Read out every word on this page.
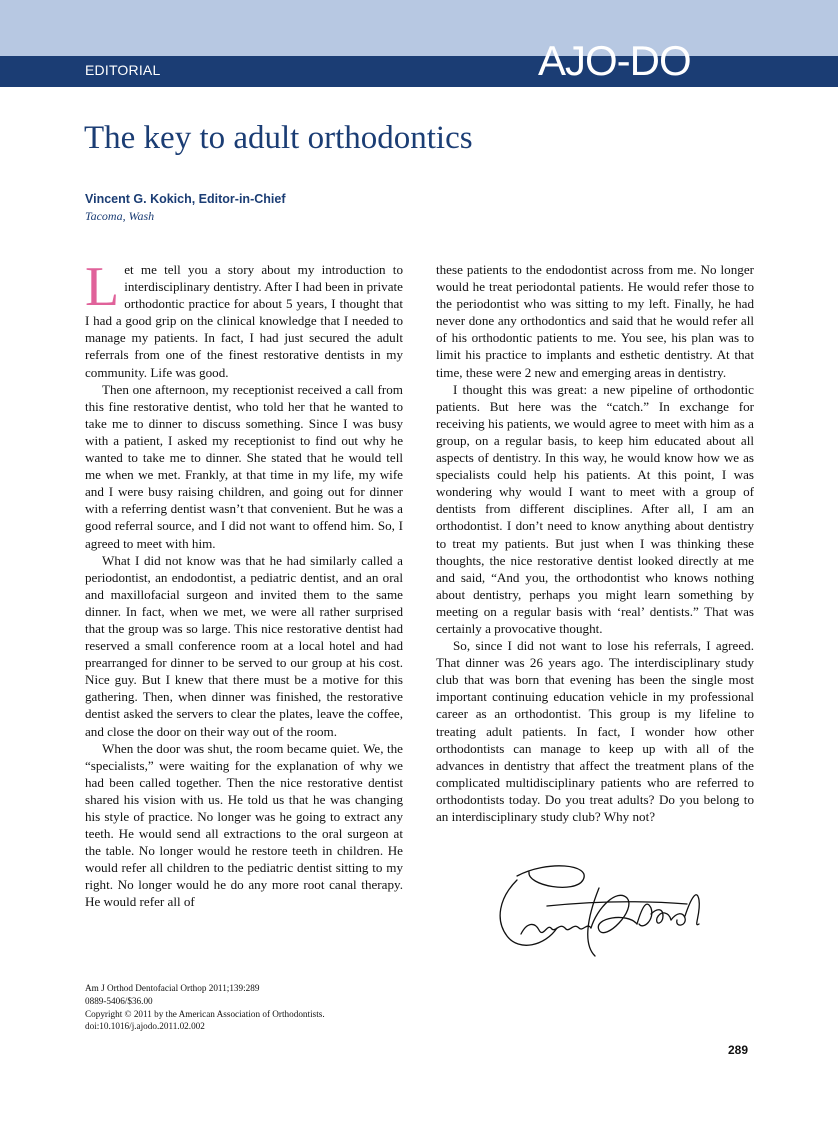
EDITORIAL	AJO-DO
The key to adult orthodontics
Vincent G. Kokich, Editor-in-Chief
Tacoma, Wash

Let me tell you a story about my introduction to interdisciplinary dentistry. After I had been in private orthodontic practice for about 5 years, I thought that I had a good grip on the clinical knowledge that I needed to manage my patients. In fact, I had just secured the adult referrals from one of the finest restorative dentists in my community. Life was good.

Then one afternoon, my receptionist received a call from this fine restorative dentist, who told her that he wanted to take me to dinner to discuss something. Since I was busy with a patient, I asked my receptionist to find out why he wanted to take me to dinner. She stated that he would tell me when we met. Frankly, at that time in my life, my wife and I were busy raising children, and going out for dinner with a referring dentist wasn’t that convenient. But he was a good referral source, and I did not want to offend him. So, I agreed to meet with him.

What I did not know was that he had similarly called a periodontist, an endodontist, a pediatric dentist, and an oral and maxillofacial surgeon and invited them to the same dinner. In fact, when we met, we were all rather surprised that the group was so large. This nice restorative dentist had reserved a small conference room at a local hotel and had prearranged for dinner to be served to our group at his cost. Nice guy. But I knew that there must be a motive for this gathering. Then, when dinner was finished, the restorative dentist asked the servers to clear the plates, leave the coffee, and close the door on their way out of the room.

When the door was shut, the room became quiet. We, the “specialists,” were waiting for the explanation of why we had been called together. Then the nice restorative dentist shared his vision with us. He told us that he was changing his style of practice. No longer was he going to extract any teeth. He would send all extractions to the oral surgeon at the table. No longer would he restore teeth in children. He would refer all children to the pediatric dentist sitting to my right. No longer would he do any more root canal therapy. He would refer all of

these patients to the endodontist across from me. No longer would he treat periodontal patients. He would refer those to the periodontist who was sitting to my left. Finally, he had never done any orthodontics and said that he would refer all of his orthodontic patients to me. You see, his plan was to limit his practice to implants and esthetic dentistry. At that time, these were 2 new and emerging areas in dentistry.

I thought this was great: a new pipeline of orthodontic patients. But here was the “catch.” In exchange for receiving his patients, we would agree to meet with him as a group, on a regular basis, to keep him educated about all aspects of dentistry. In this way, he would know how we as specialists could help his patients. At this point, I was wondering why would I want to meet with a group of dentists from different disciplines. After all, I am an orthodontist. I don’t need to know anything about dentistry to treat my patients. But just when I was thinking these thoughts, the nice restorative dentist looked directly at me and said, “And you, the orthodontist who knows nothing about dentistry, perhaps you might learn something by meeting on a regular basis with ‘real’ dentists.” That was certainly a provocative thought.

So, since I did not want to lose his referrals, I agreed. That dinner was 26 years ago. The interdisciplinary study club that was born that evening has been the single most important continuing education vehicle in my professional career as an orthodontist. This group is my lifeline to treating adult patients. In fact, I wonder how other orthodontists can manage to keep up with all of the advances in dentistry that affect the treatment plans of the complicated multidisciplinary patients who are referred to orthodontists today. Do you treat adults? Do you belong to an interdisciplinary study club? Why not?

Am J Orthod Dentofacial Orthop 2011;139:289
0889-5406/$36.00
Copyright © 2011 by the American Association of Orthodontists.
doi:10.1016/j.ajodo.2011.02.002
289
